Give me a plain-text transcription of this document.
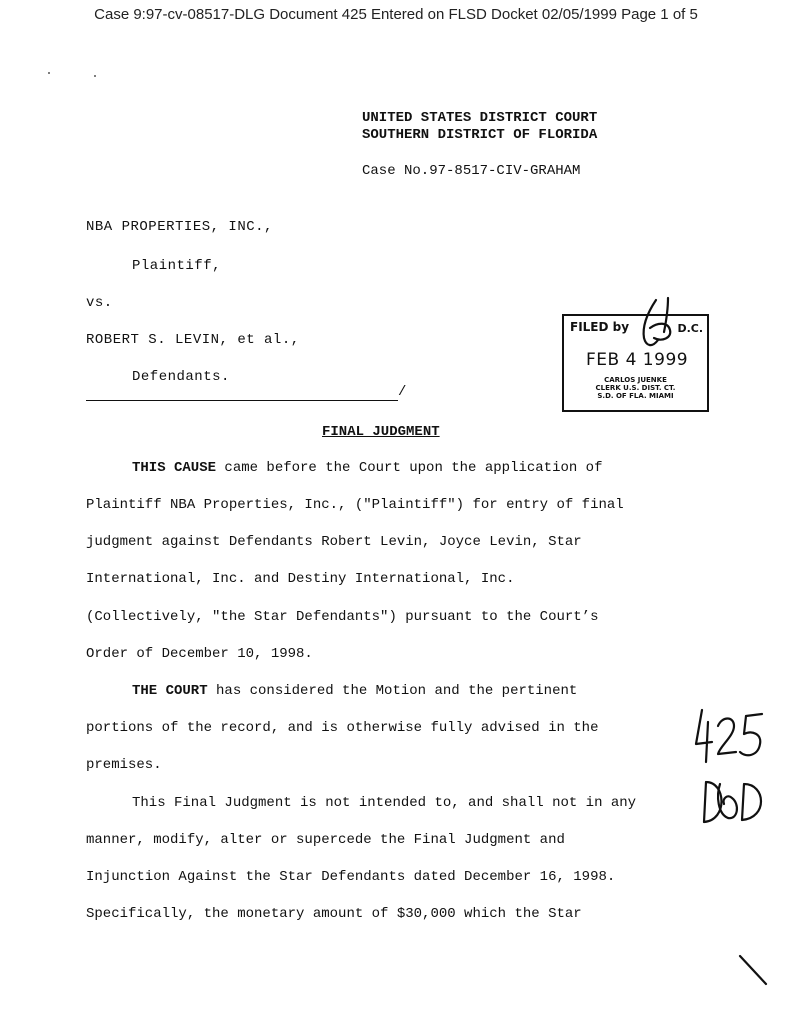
Case 9:97-cv-08517-DLG Document 425 Entered on FLSD Docket 02/05/1999 Page 1 of 5
UNITED STATES DISTRICT COURT
SOUTHERN DISTRICT OF FLORIDA
Case No.97-8517-CIV-GRAHAM
NBA PROPERTIES, INC.,
Plaintiff,
vs.
ROBERT S. LEVIN, et al.,
Defendants.
/
FILED by	D.C.
FEB 4 1999
CARLOS JUENKE
CLERK U.S. DIST. CT.
S.D. OF FLA. MIAMI
FINAL JUDGMENT
THIS CAUSE came before the Court upon the application of
Plaintiff NBA Properties, Inc., ("Plaintiff") for entry of final
judgment against Defendants Robert Levin, Joyce Levin, Star
International, Inc. and Destiny International, Inc.
(Collectively, "the Star Defendants") pursuant to the Court’s
Order of December 10, 1998.
THE COURT has considered the Motion and the pertinent
portions of the record, and is otherwise fully advised in the
premises.
This Final Judgment is not intended to, and shall not in any
manner, modify, alter or supercede the Final Judgment and
Injunction Against the Star Defendants dated December 16, 1998.
Specifically, the monetary amount of $30,000 which the Star
